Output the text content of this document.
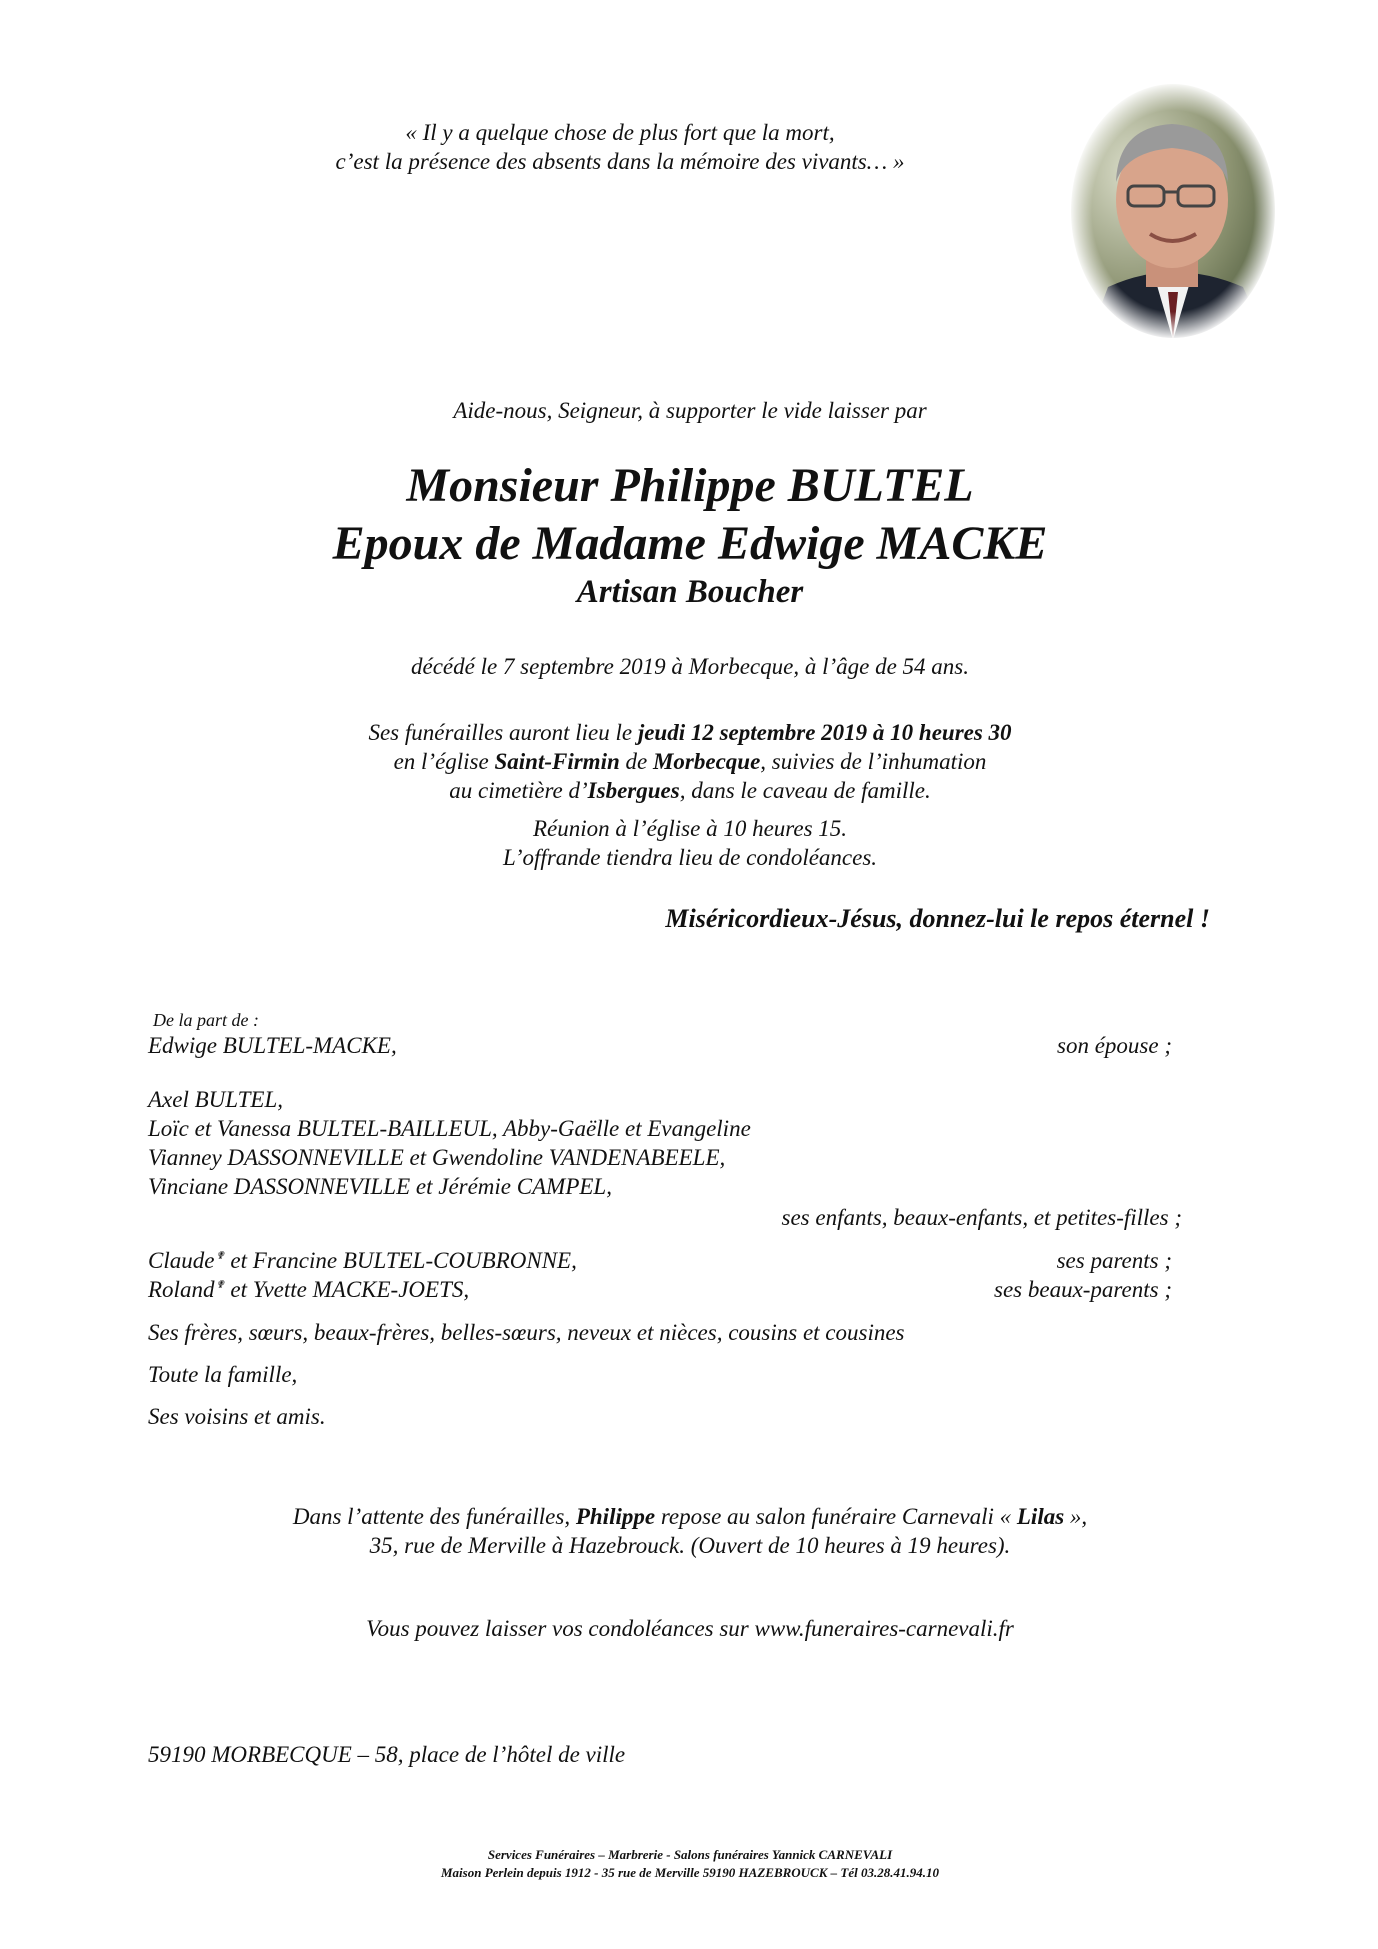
« Il y a quelque chose de plus fort que la mort,
c’est la présence des absents dans la mémoire des vivants… »
Aide-nous, Seigneur, à supporter le vide laisser par
Monsieur Philippe BULTEL
Epoux de Madame Edwige MACKE
Artisan Boucher
décédé le 7 septembre 2019 à Morbecque, à l’âge de 54 ans.
Ses funérailles auront lieu le jeudi 12 septembre 2019 à 10 heures 30
en l’église Saint-Firmin de Morbecque, suivies de l’inhumation
au cimetière d’Isbergues, dans le caveau de famille.
Réunion à l’église à 10 heures 15.
L’offrande tiendra lieu de condoléances.
Miséricordieux-Jésus, donnez-lui le repos éternel !
De la part de :
Edwige BULTEL-MACKE,	son épouse ;
Axel BULTEL,
Loïc et Vanessa BULTEL-BAILLEUL, Abby-Gaëlle et Evangeline
Vianney DASSONNEVILLE et Gwendoline VANDENABEELE,
Vinciane DASSONNEVILLE et Jérémie CAMPEL,
ses enfants, beaux-enfants, et petites-filles ;
Claude✟ et Francine BULTEL-COUBRONNE,	ses parents ;
Roland✟ et Yvette MACKE-JOETS,	ses beaux-parents ;
Ses frères, sœurs, beaux-frères, belles-sœurs, neveux et nièces, cousins et cousines
Toute la famille,
Ses voisins et amis.
Dans l’attente des funérailles, Philippe repose au salon funéraire Carnevali « Lilas »,
35, rue de Merville à Hazebrouck. (Ouvert de 10 heures à 19 heures).
Vous pouvez laisser vos condoléances sur www.funeraires-carnevali.fr
59190 MORBECQUE – 58, place de l’hôtel de ville
Services Funéraires – Marbrerie - Salons funéraires Yannick CARNEVALI
Maison Perlein depuis 1912 - 35 rue de Merville 59190 HAZEBROUCK – Tél 03.28.41.94.10
